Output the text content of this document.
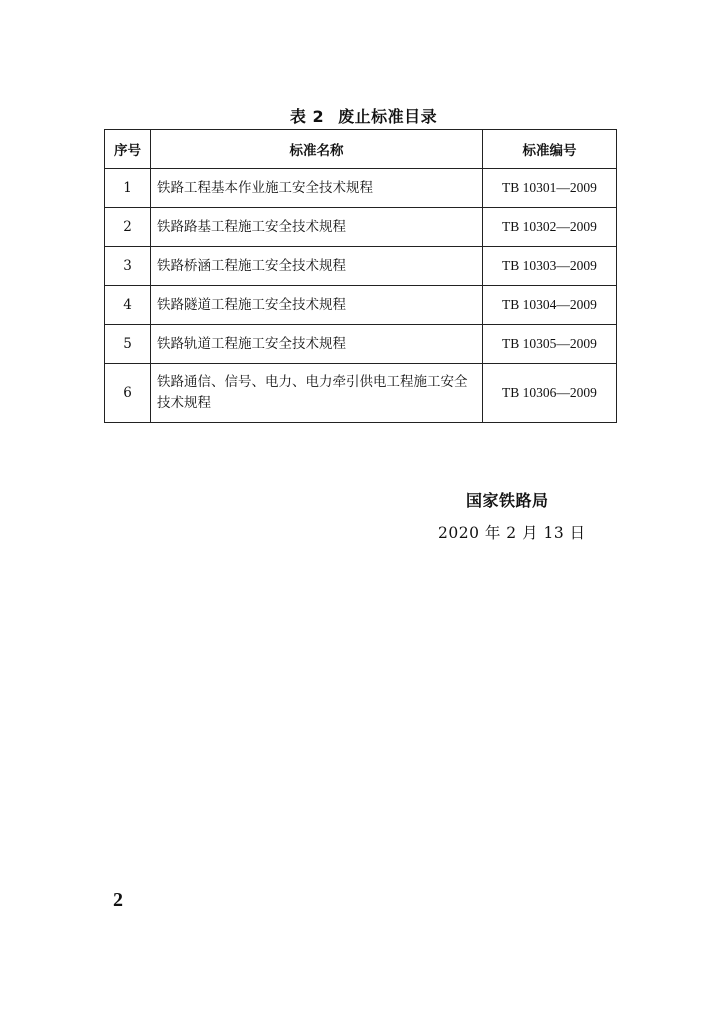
表 2 废止标准目录
序号	标准名称	标准编号
1	铁路工程基本作业施工安全技术规程	TB 10301—2009
2	铁路路基工程施工安全技术规程	TB 10302—2009
3	铁路桥涵工程施工安全技术规程	TB 10303—2009
4	铁路隧道工程施工安全技术规程	TB 10304—2009
5	铁路轨道工程施工安全技术规程	TB 10305—2009
6	铁路通信、信号、电力、电力牵引供电工程施工安全技术规程	TB 10306—2009
国家铁路局
2020 年 2 月 13 日
2
